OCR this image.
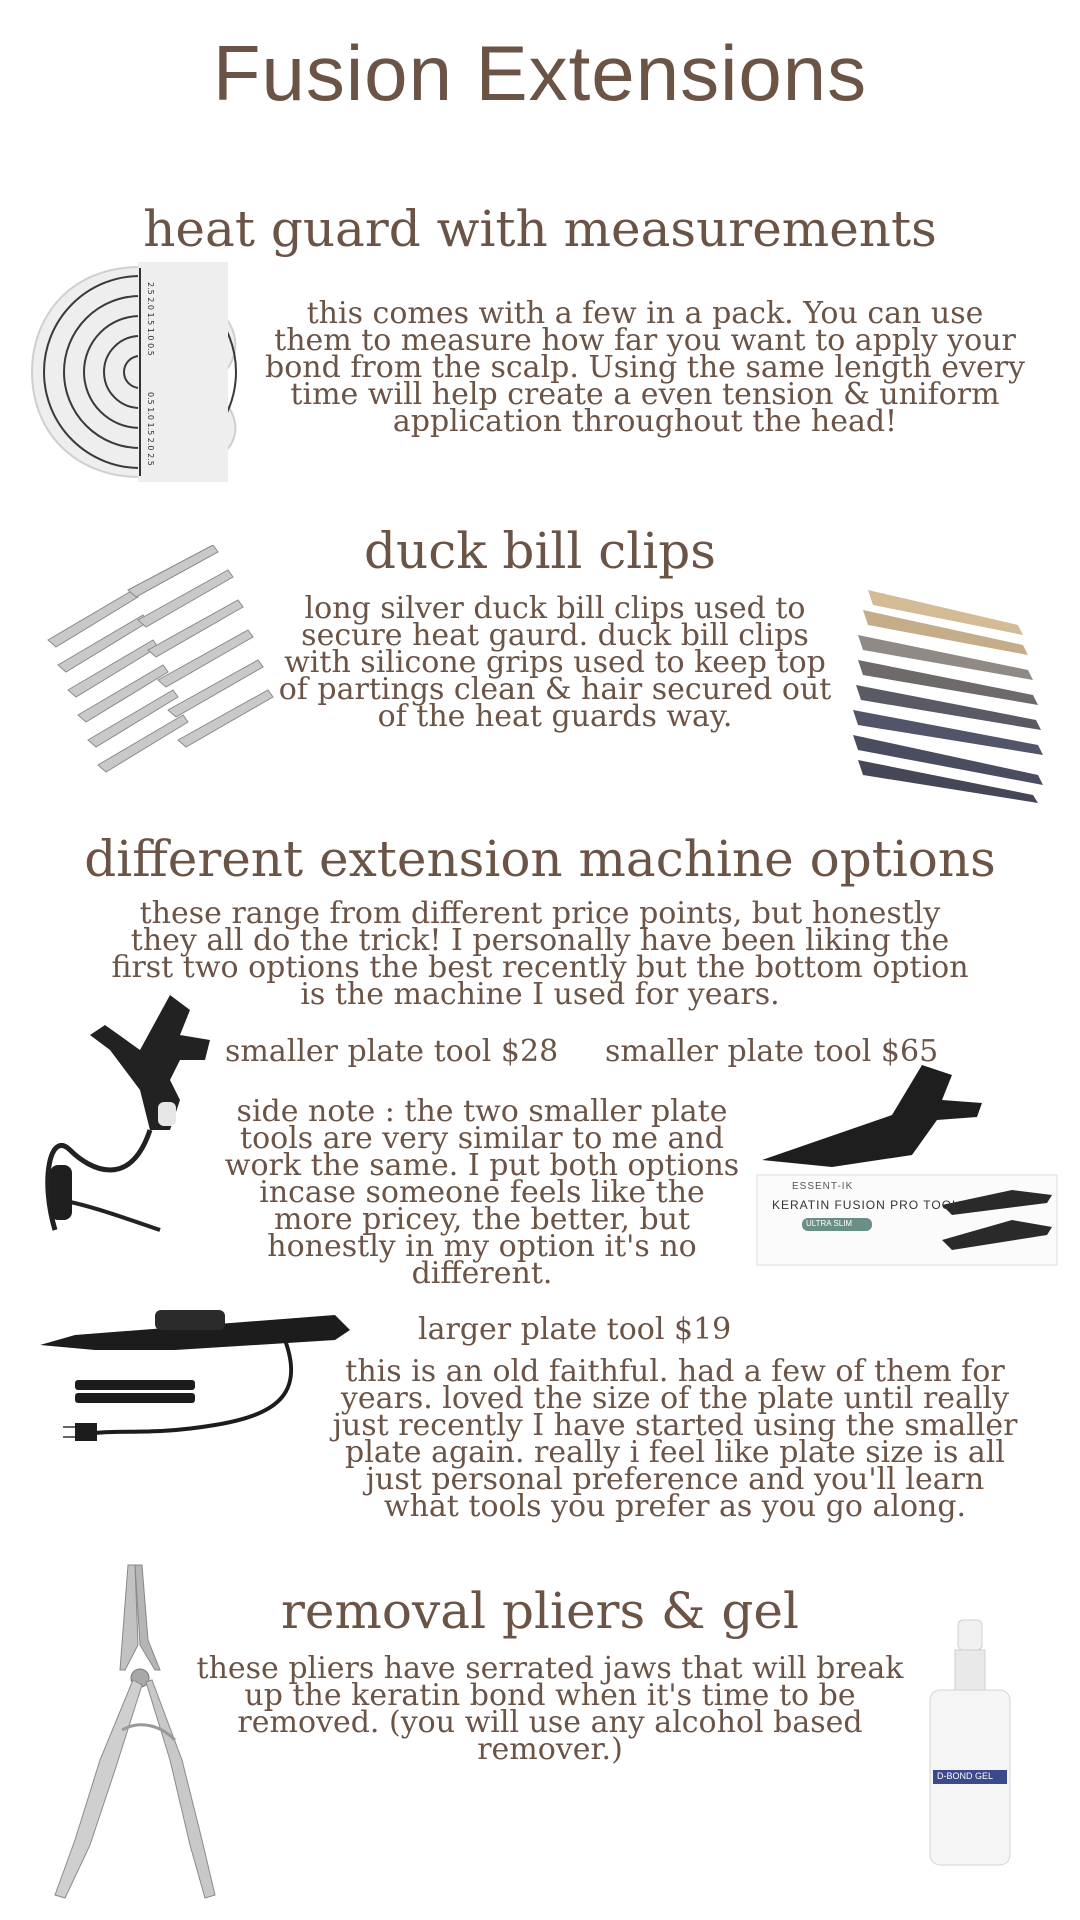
Fusion Extensions
heat guard with measurements
2.5 2.0 1.5 1.0 0.5
0.5 1.0 1.5 2.0 2.5
this comes with a few in a pack. You can use them to measure how far you want to apply your bond from the scalp. Using the same length every time will help create a even tension & uniform application throughout the head!
duck bill clips
long silver duck bill clips used to secure heat gaurd. duck bill clips with silicone grips used to keep top of partings clean & hair secured out of the heat guards way.
different extension machine options
these range from different price points, but honestly they all do the trick! I personally have been liking the first two options the best recently but the bottom option is the machine I used for years.
smaller plate tool $28 smaller plate tool $65
side note : the two smaller plate tools are very similar to me and work the same. I put both options incase someone feels like the more pricey, the better, but honestly in my option it's no different.
ESSENT-IK
KERATIN FUSION PRO TOOL
ULTRA SLIM
larger plate tool $19
this is an old faithful. had a few of them for years. loved the size of the plate until really just recently I have started using the smaller plate again. really i feel like plate size is all just personal preference and you'll learn what tools you prefer as you go along.
removal pliers & gel
these pliers have serrated jaws that will break up the keratin bond when it's time to be removed. (you will use any alcohol based remover.)
D-BOND GEL
